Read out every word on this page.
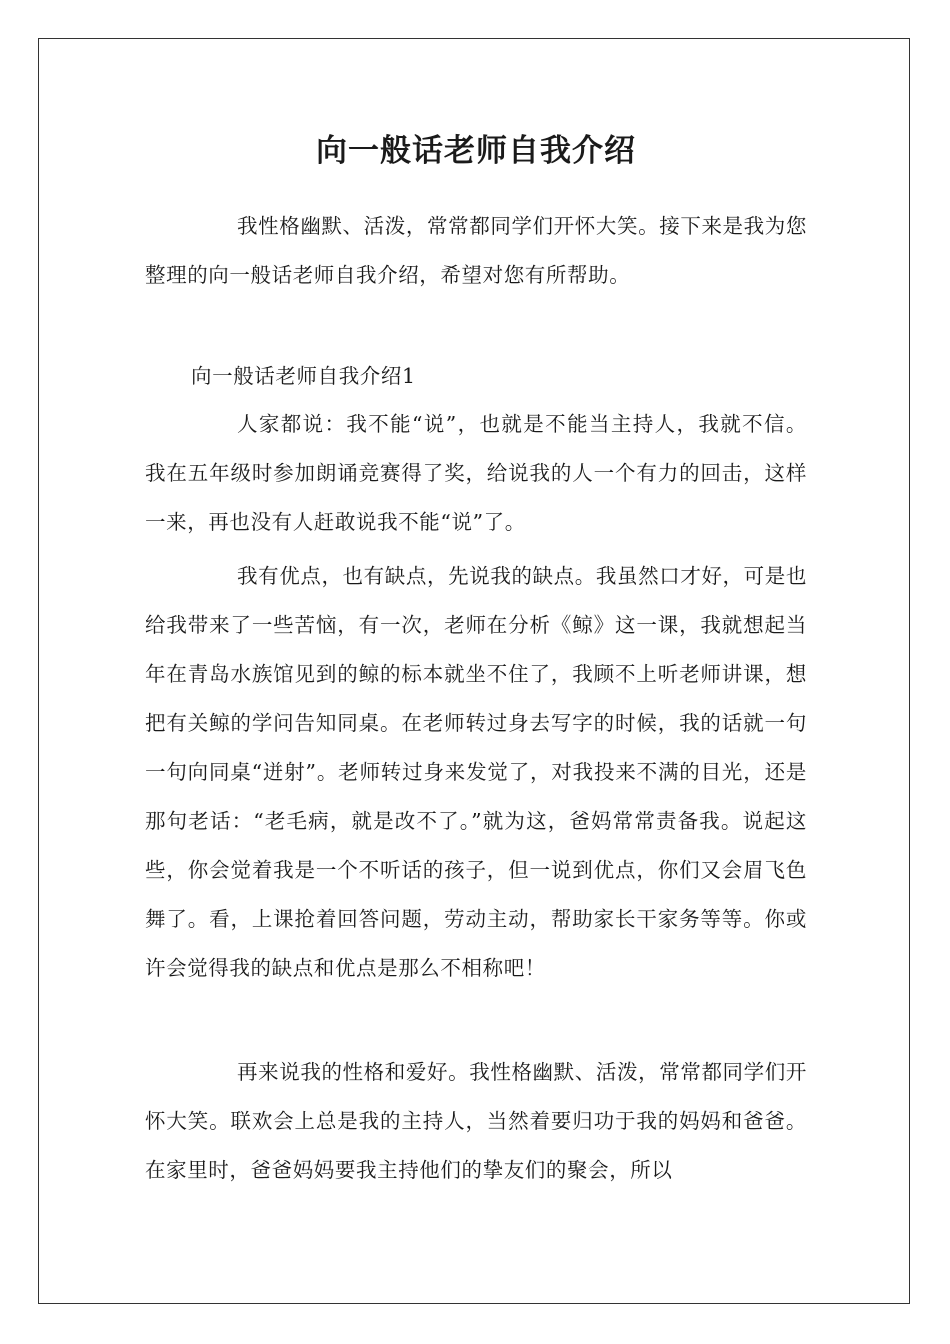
向一般话老师自我介绍

我性格幽默、活泼，常常都同学们开怀大笑。接下来是我为您整理的向一般话老师自我介绍，希望对您有所帮助。

向一般话老师自我介绍1

人家都说：我不能“说”，也就是不能当主持人，我就不信。我在五年级时参加朗诵竞赛得了奖，给说我的人一个有力的回击，这样一来，再也没有人赶敢说我不能“说”了。

我有优点，也有缺点，先说我的缺点。我虽然口才好，可是也给我带来了一些苦恼，有一次，老师在分析《鲸》这一课，我就想起当年在青岛水族馆见到的鲸的标本就坐不住了，我顾不上听老师讲课，想把有关鲸的学问告知同桌。在老师转过身去写字的时候，我的话就一句一句向同桌“迸射”。老师转过身来发觉了，对我投来不满的目光，还是那句老话：“老毛病，就是改不了。”就为这，爸妈常常责备我。说起这些，你会觉着我是一个不听话的孩子，但一说到优点，你们又会眉飞色舞了。看，上课抢着回答问题，劳动主动，帮助家长干家务等等。你或许会觉得我的缺点和优点是那么不相称吧！

再来说我的性格和爱好。我性格幽默、活泼，常常都同学们开怀大笑。联欢会上总是我的主持人，当然着要归功于我的妈妈和爸爸。在家里时，爸爸妈妈要我主持他们的挚友们的聚会，所以
